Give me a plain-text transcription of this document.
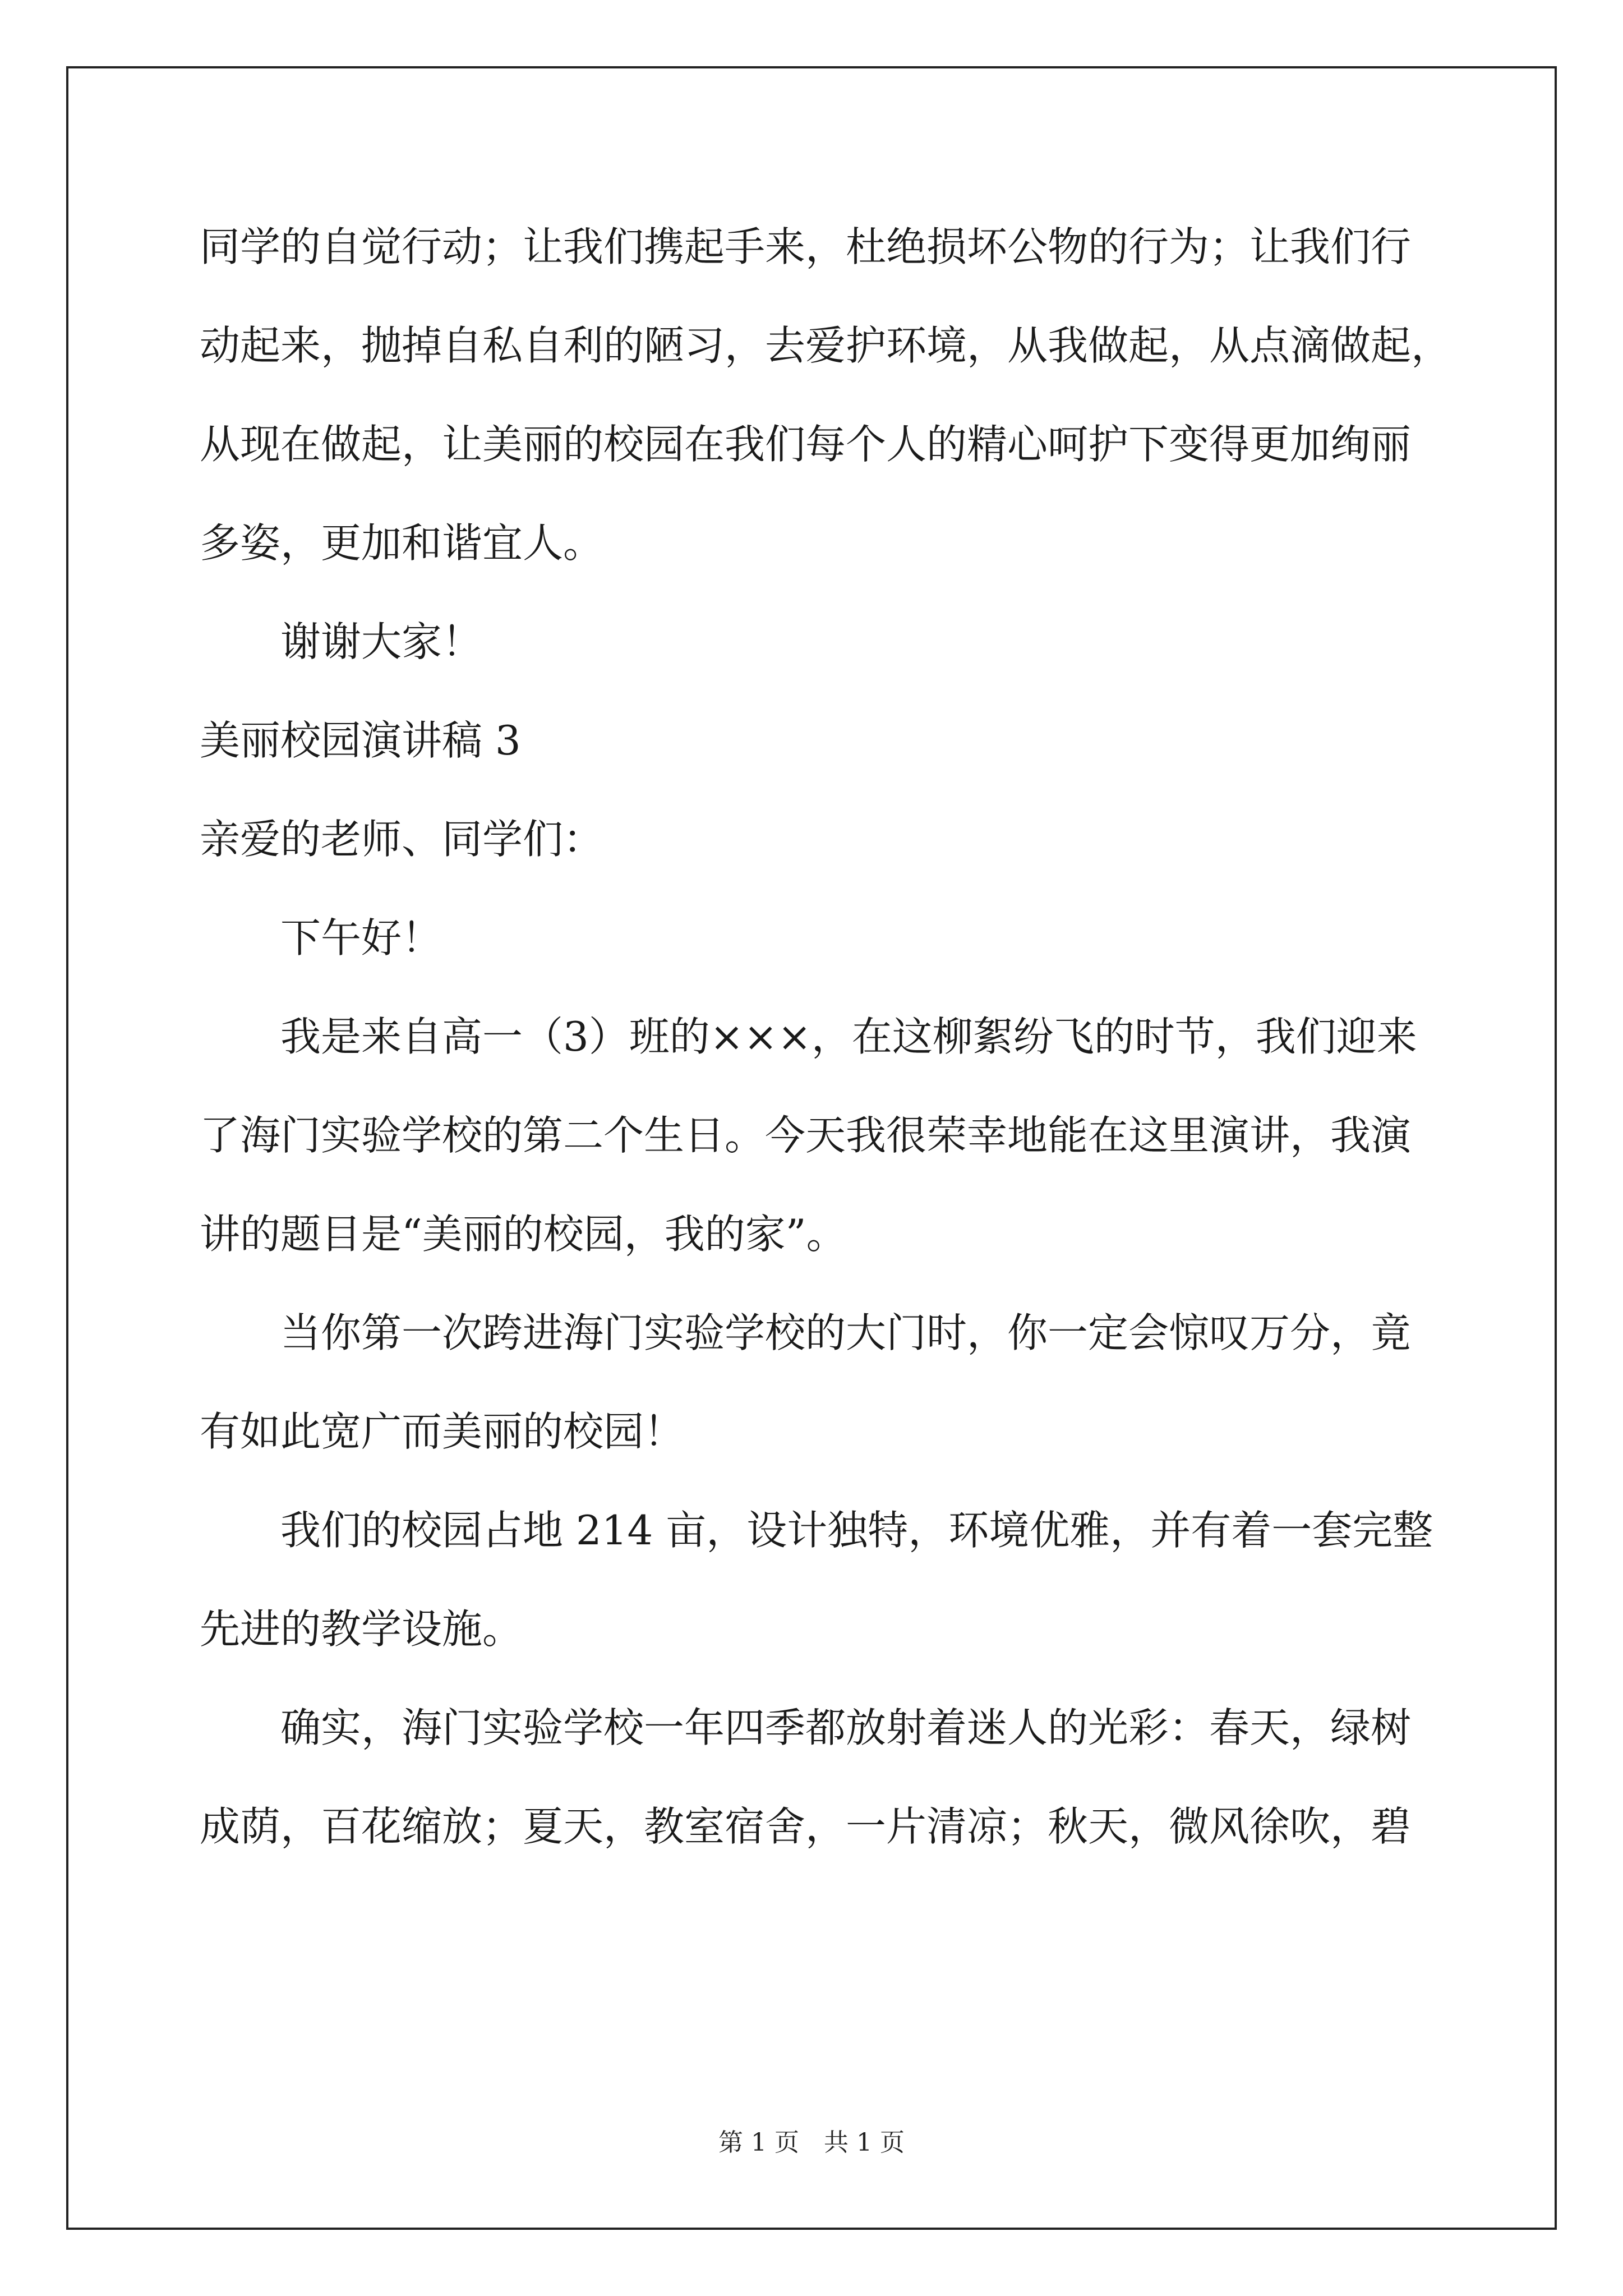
同学的自觉行动；让我们携起手来，杜绝损坏公物的行为；让我们行
动起来，抛掉自私自利的陋习，去爱护环境，从我做起，从点滴做起，
从现在做起，让美丽的校园在我们每个人的精心呵护下变得更加绚丽
多姿，更加和谐宜人。
谢谢大家！
美丽校园演讲稿 3
亲爱的老师、同学们：
下午好！
我是来自高一（3）班的×××，在这柳絮纷飞的时节，我们迎来
了海门实验学校的第二个生日。今天我很荣幸地能在这里演讲，我演
讲的题目是“美丽的校园，我的家”。
当你第一次跨进海门实验学校的大门时，你一定会惊叹万分，竟
有如此宽广而美丽的校园！
我们的校园占地 214 亩，设计独特，环境优雅，并有着一套完整
先进的教学设施。
确实，海门实验学校一年四季都放射着迷人的光彩：春天，绿树
成荫，百花缩放；夏天，教室宿舍，一片清凉；秋天，微风徐吹，碧
第 1 页　共 1 页
